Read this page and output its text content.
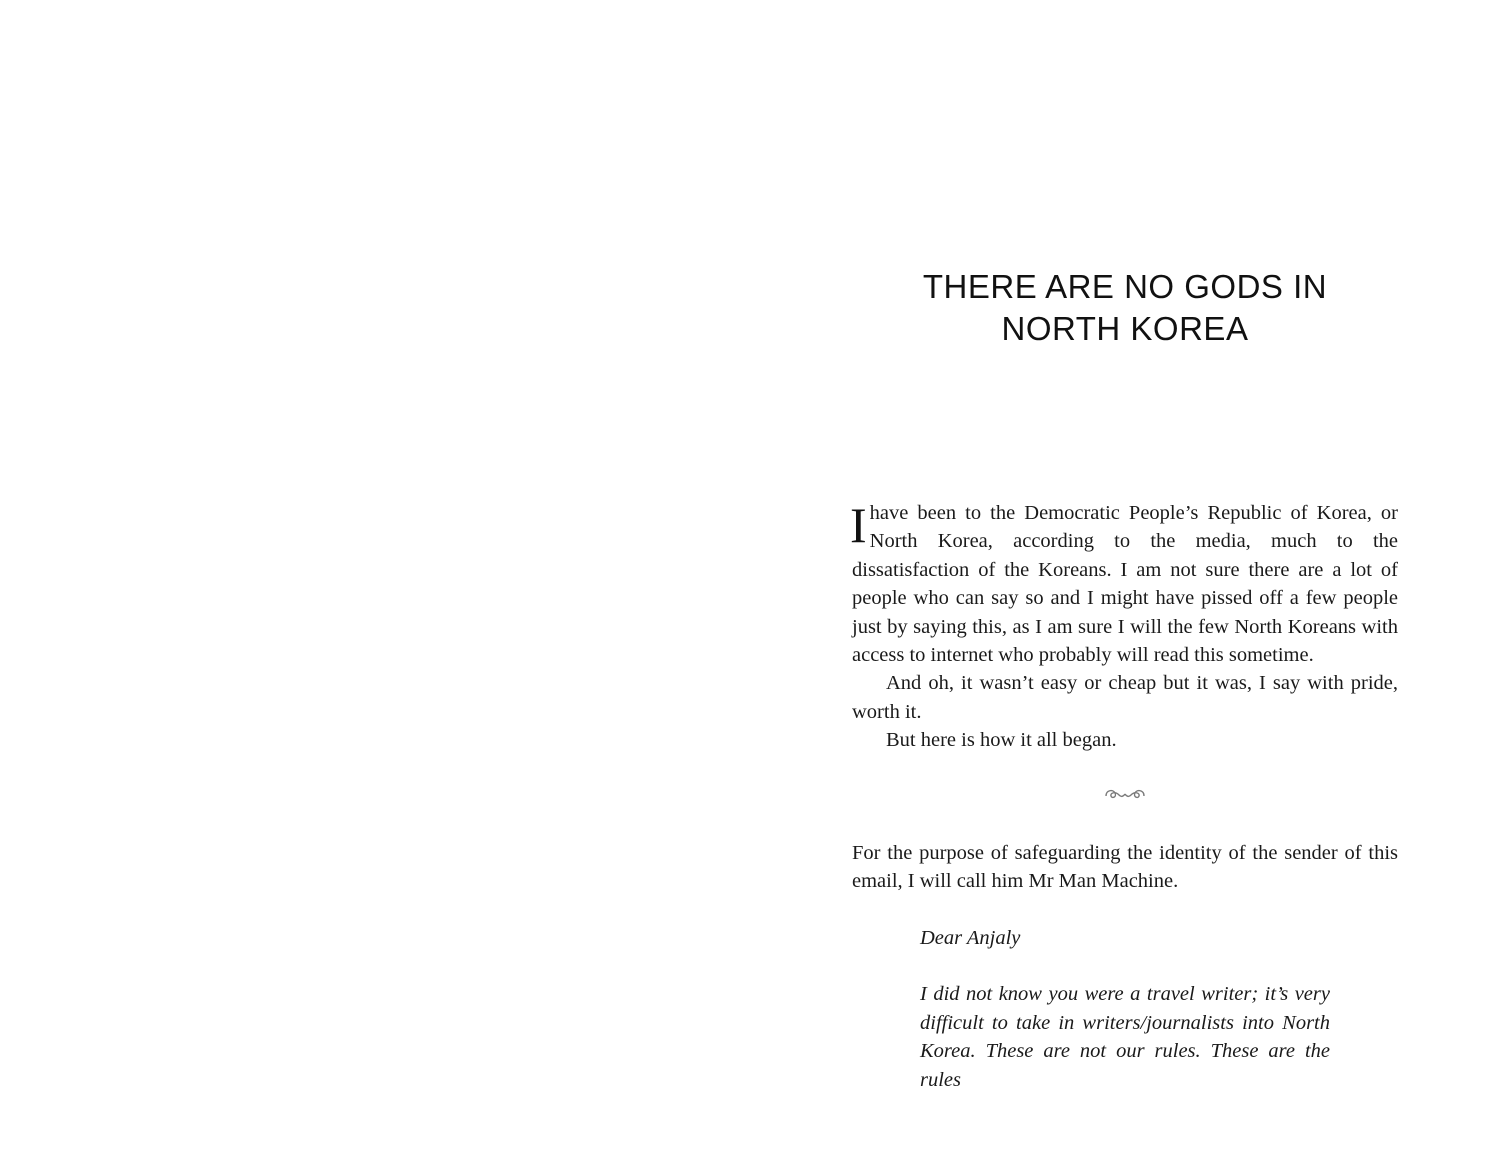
THERE ARE NO GODS IN
NORTH KOREA

Ihave been to the Democratic People’s Republic of Korea, or North Korea, according to the media, much to the dissatisfaction of the Koreans. I am not sure there are a lot of people who can say so and I might have pissed off a few people just by saying this, as I am sure I will the few North Koreans with access to internet who probably will read this sometime.

And oh, it wasn’t easy or cheap but it was, I say with pride, worth it.

But here is how it all began.

For the purpose of safeguarding the identity of the sender of this email, I will call him Mr Man Machine.

Dear Anjaly

I did not know you were a travel writer; it’s very difficult to take in writers/journalists into North Korea. These are not our rules. These are the rules
